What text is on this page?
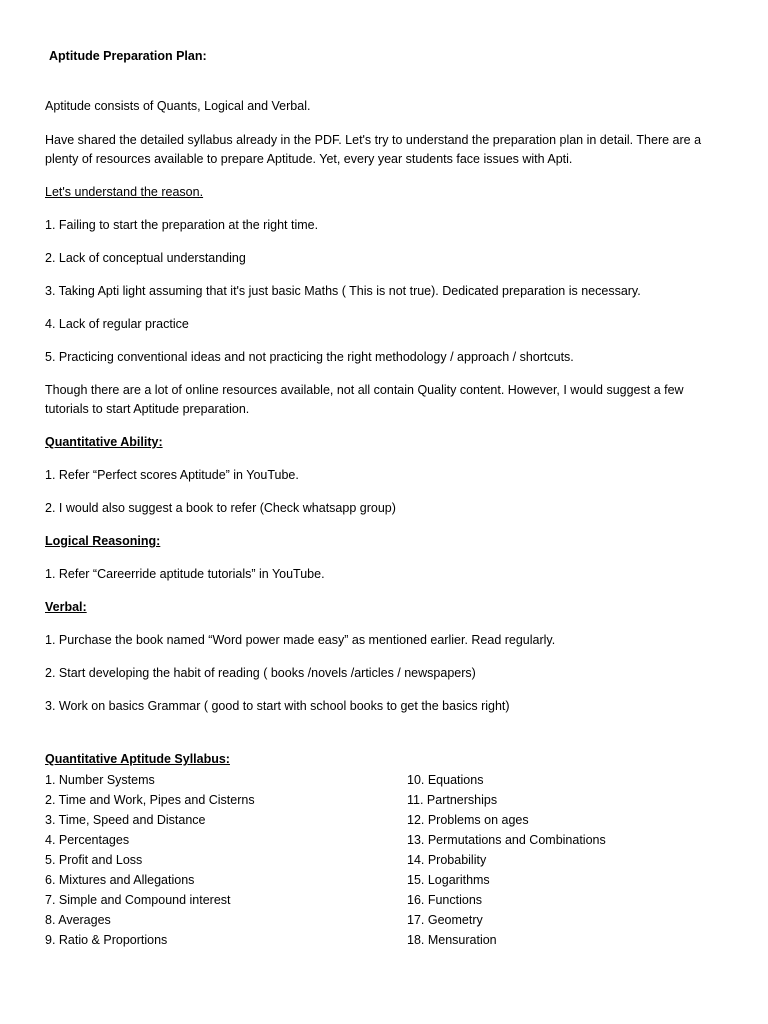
Aptitude Preparation Plan:
Aptitude consists of Quants, Logical and Verbal.
Have shared the detailed syllabus already in the PDF. Let's try to understand the preparation plan in detail. There are a
plenty of resources available to prepare Aptitude. Yet, every year students face issues with Apti.
Let's understand the reason.
1. Failing to start the preparation at the right time.
2. Lack of conceptual understanding
3. Taking Apti light assuming that it's just basic Maths ( This is not true). Dedicated preparation is necessary.
4. Lack of regular practice
5. Practicing conventional ideas and not practicing the right methodology / approach / shortcuts.
Though there are a lot of online resources available, not all contain Quality content. However, I would suggest a few
tutorials to start Aptitude preparation.
Quantitative Ability:
1. Refer “Perfect scores Aptitude” in YouTube.
2. I would also suggest a book to refer (Check whatsapp group)
Logical Reasoning:
1. Refer “Careerride aptitude tutorials” in YouTube.
Verbal:
1. Purchase the book named “Word power made easy” as mentioned earlier. Read regularly.
2. Start developing the habit of reading ( books /novels /articles / newspapers)
3. Work on basics Grammar ( good to start with school books to get the basics right)
Quantitative Aptitude Syllabus:
1. Number Systems
2. Time and Work, Pipes and Cisterns
3. Time, Speed and Distance
4. Percentages
5. Profit and Loss
6. Mixtures and Allegations
7. Simple and Compound interest
8. Averages
9. Ratio & Proportions
10. Equations
11. Partnerships
12. Problems on ages
13. Permutations and Combinations
14. Probability
15. Logarithms
16. Functions
17. Geometry
18. Mensuration
